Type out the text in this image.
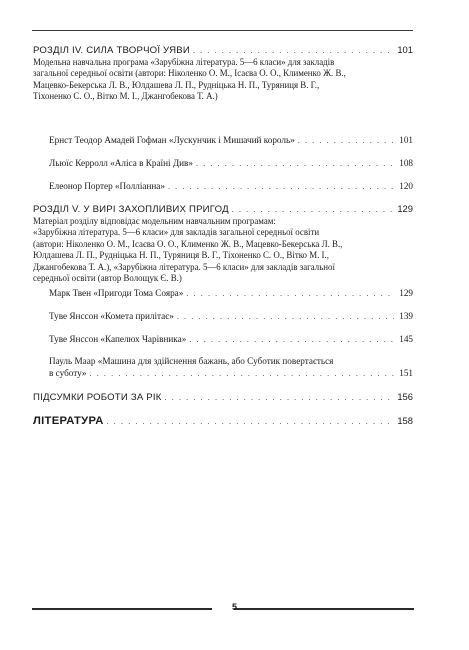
РОЗДІЛ IV. СИЛА ТВОРЧОЇ УЯВИ . . .	101

Модельна навчальна програма «Зарубіжна література. 5—6 класи» для закладів
загальної середньої освіти (автори: Ніколенко О. М., Ісаєва О. О., Клименко Ж. В.,
Мацевко-Бекерська Л. В., Юлдашева Л. П., Рудніцька Н. П., Туряниця В. Г.,
Тіхоненко С. О., Вітко М. І., Джангобекова Т. А.)

Ернст Теодор Амадей Гофман «Лускунчик і Мишачий король» . . .	101
Льюїс Керролл «Аліса в Країні Див» . . .	108
Елеонор Портер «Полліанна» . . .	120
РОЗДІЛ V. У ВИРІ ЗАХОПЛИВИХ ПРИГОД . . .	129

Матеріал розділу відповідає модельним навчальним програмам:
«Зарубіжна література. 5—6 класи» для закладів загальної середньої освіти
(автори: Ніколенко О. М., Ісаєва О. О., Клименко Ж. В., Мацевко-Бекерська Л. В.,
Юлдашева Л. П., Рудніцька Н. П., Туряниця В. Г., Тіхоненко С. О., Вітко М. І.,
Джангобекова Т. А.), «Зарубіжна література. 5—6 класи» для закладів загальної
середньої освіти (автор Волощук Є. В.)

Марк Твен «Пригоди Тома Сояра» . . .	129
Туве Янссон «Комета прилітає» . . .	139
Туве Янссон «Капелюх Чарівника» . . .	145
Пауль Маар «Машина для здійснення бажань, або Суботик повертається
в суботу» . . .	151
ПІДСУМКИ РОБОТИ ЗА РІК . . .	156
ЛІТЕРАТУРА . . .	158
5
